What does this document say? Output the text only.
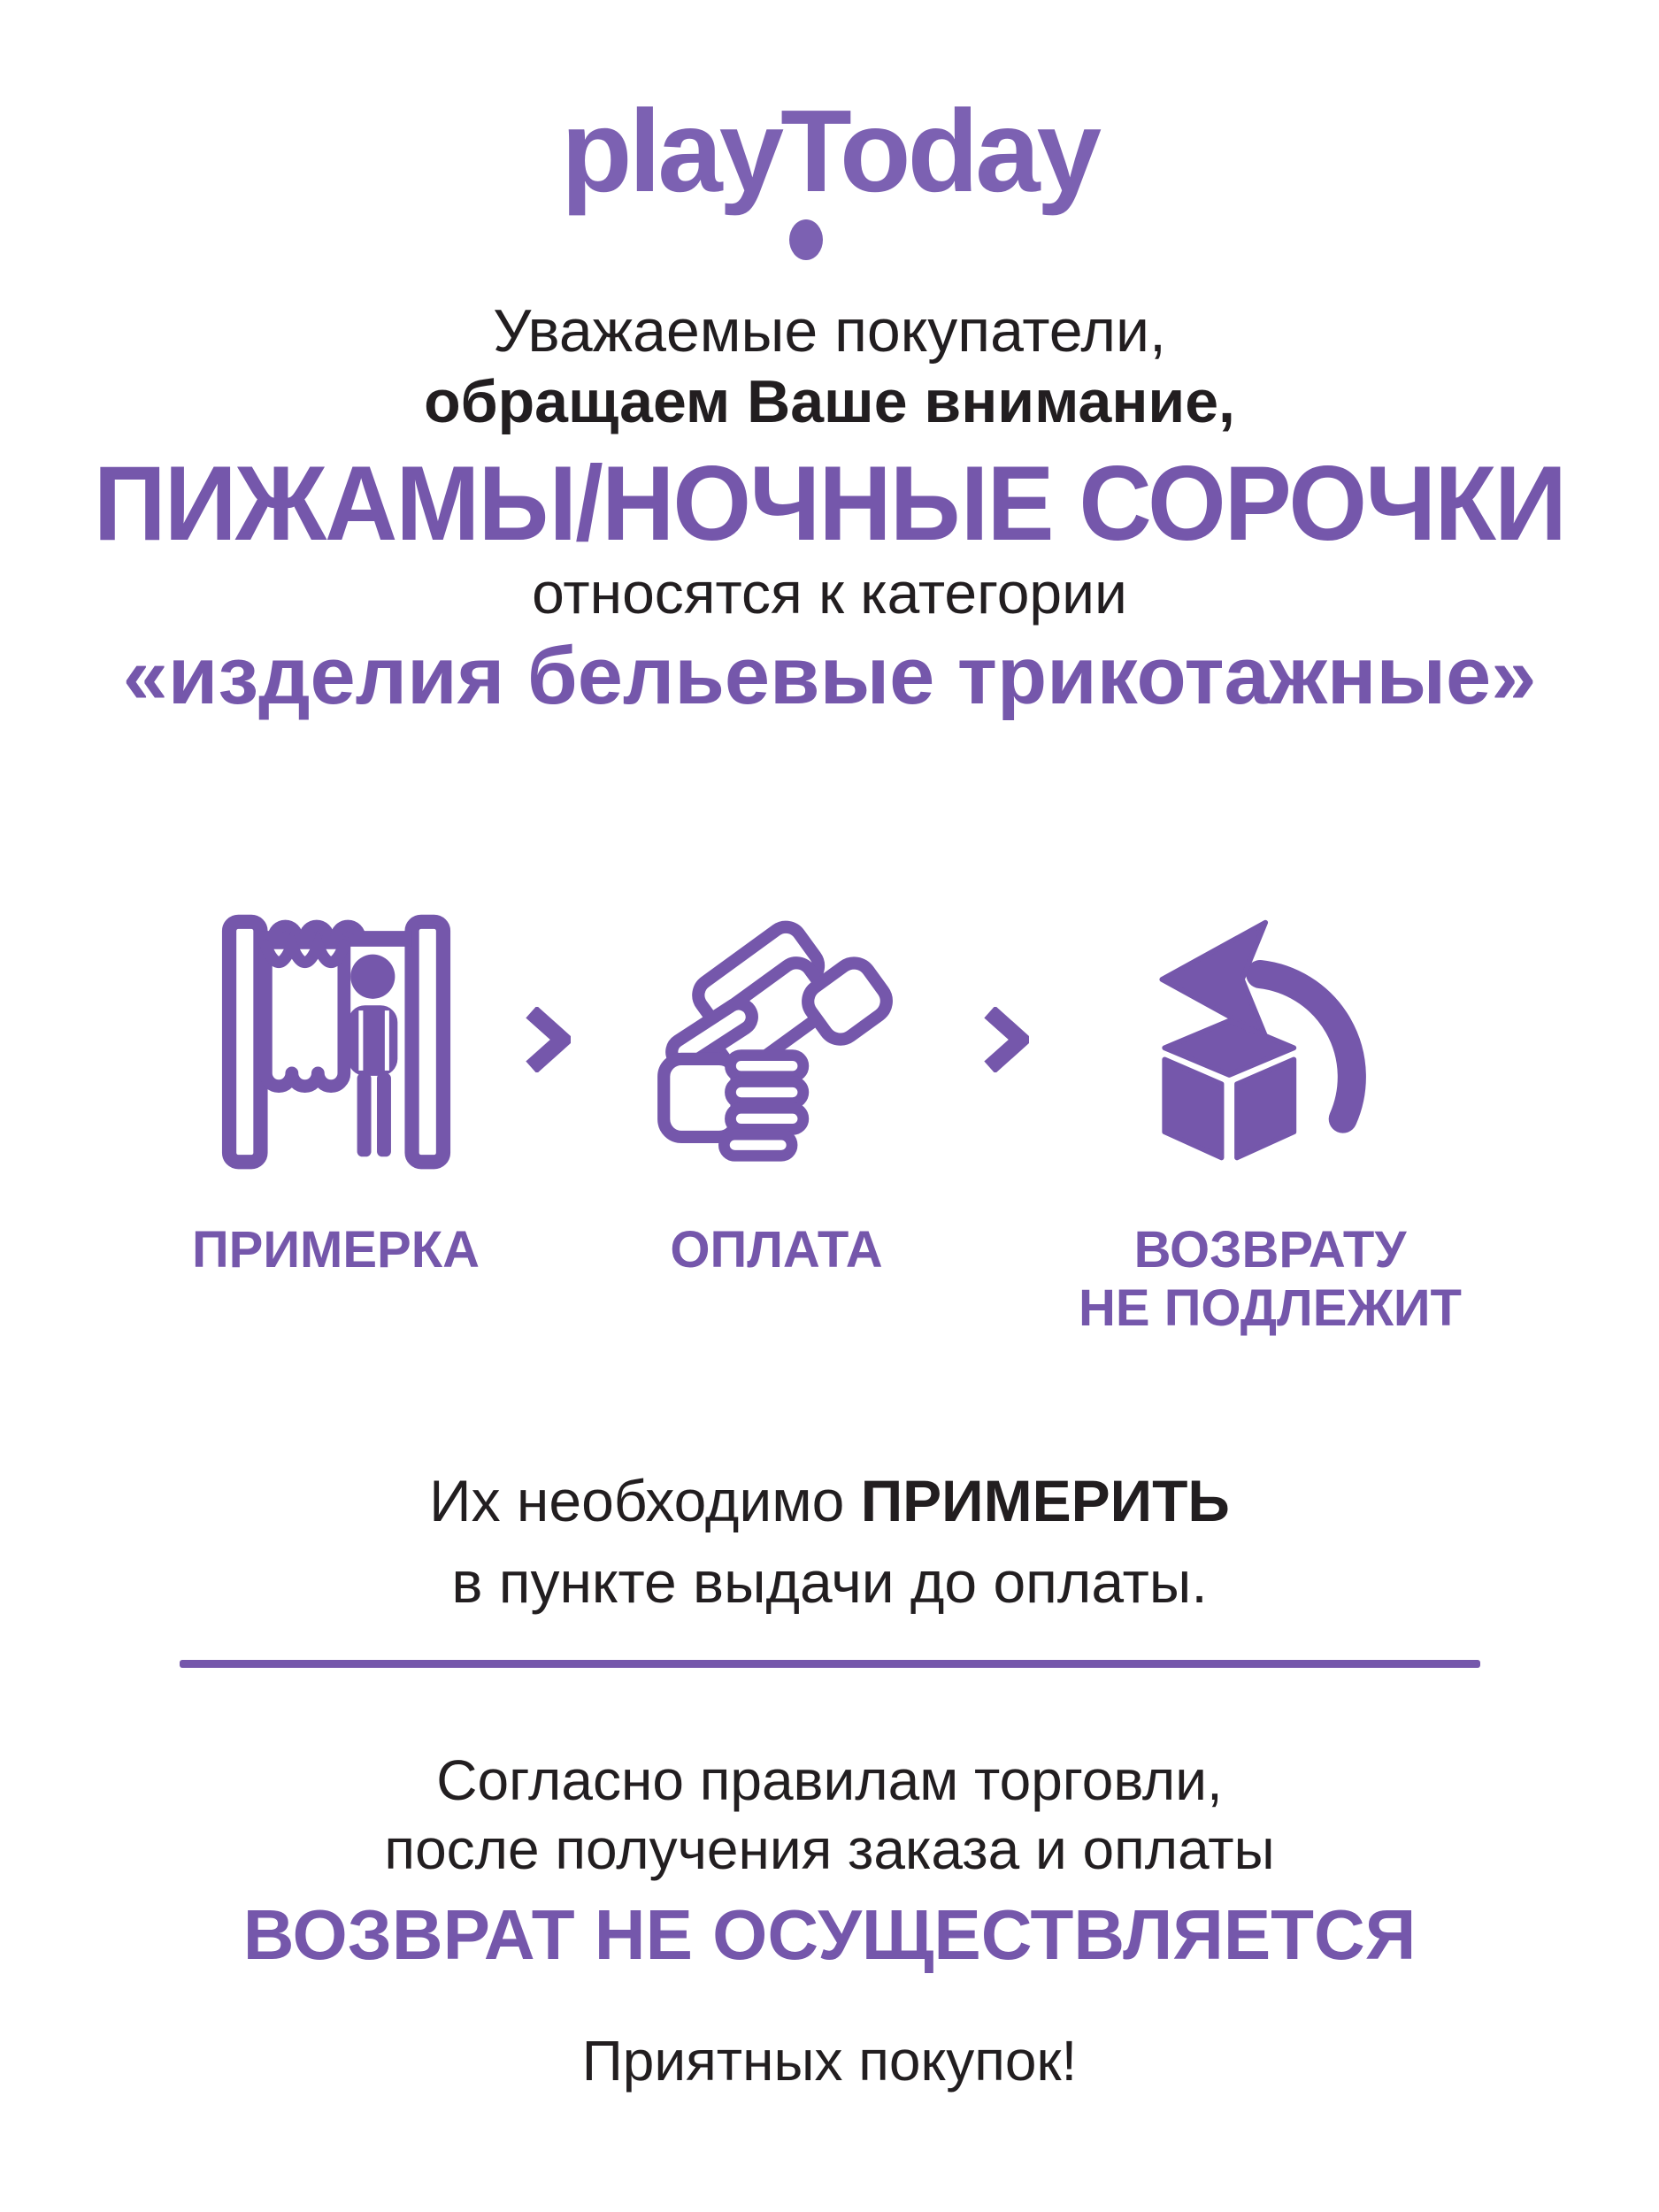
playToday
Уважаемые покупатели,
обращаем Ваше внимание,
ПИЖАМЫ/НОЧНЫЕ СОРОЧКИ
относятся к категории
«изделия бельевые трикотажные»
ПРИМЕРКА	ОПЛАТА	ВОЗВРАТУ
НЕ ПОДЛЕЖИТ
Их необходимо ПРИМЕРИТЬ
в пункте выдачи до оплаты.
Согласно правилам торговли,
после получения заказа и оплаты
ВОЗВРАТ НЕ ОСУЩЕСТВЛЯЕТСЯ
Приятных покупок!
